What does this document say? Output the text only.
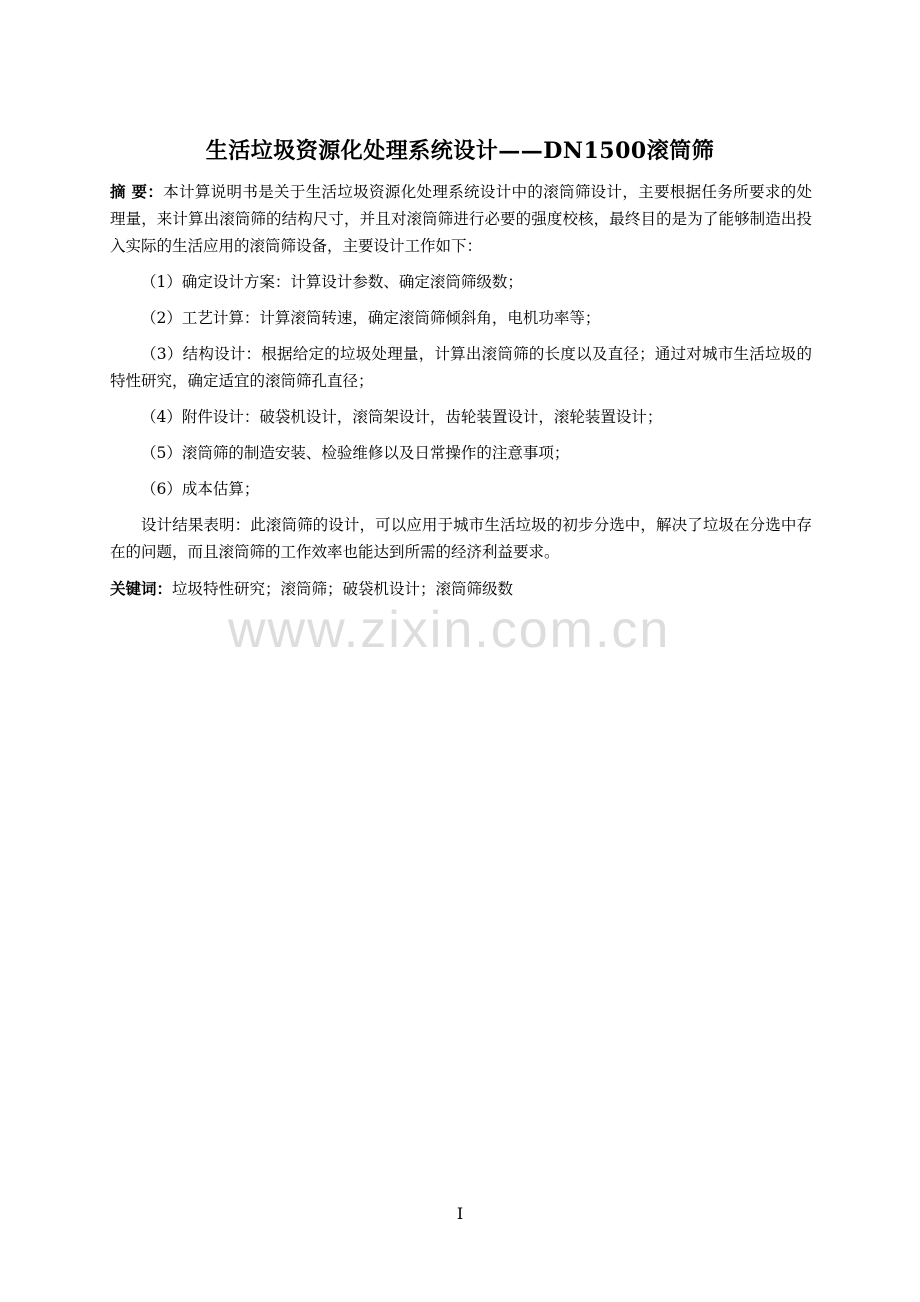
www.zixin.com.cn
生活垃圾资源化处理系统设计——DN1500滚筒筛

摘 要：本计算说明书是关于生活垃圾资源化处理系统设计中的滚筒筛设计，主要根据任务所要求的处理量，来计算出滚筒筛的结构尺寸，并且对滚筒筛进行必要的强度校核，最终目的是为了能够制造出投入实际的生活应用的滚筒筛设备，主要设计工作如下：

（1）确定设计方案：计算设计参数、确定滚筒筛级数；

（2）工艺计算：计算滚筒转速，确定滚筒筛倾斜角，电机功率等；

（3）结构设计：根据给定的垃圾处理量，计算出滚筒筛的长度以及直径；通过对城市生活垃圾的特性研究，确定适宜的滚筒筛孔直径；

（4）附件设计：破袋机设计，滚筒架设计，齿轮装置设计，滚轮装置设计；

（5）滚筒筛的制造安装、检验维修以及日常操作的注意事项；

（6）成本估算；

设计结果表明：此滚筒筛的设计，可以应用于城市生活垃圾的初步分选中，解决了垃圾在分选中存在的问题，而且滚筒筛的工作效率也能达到所需的经济利益要求。

关键词：垃圾特性研究；滚筒筛；破袋机设计；滚筒筛级数

I
